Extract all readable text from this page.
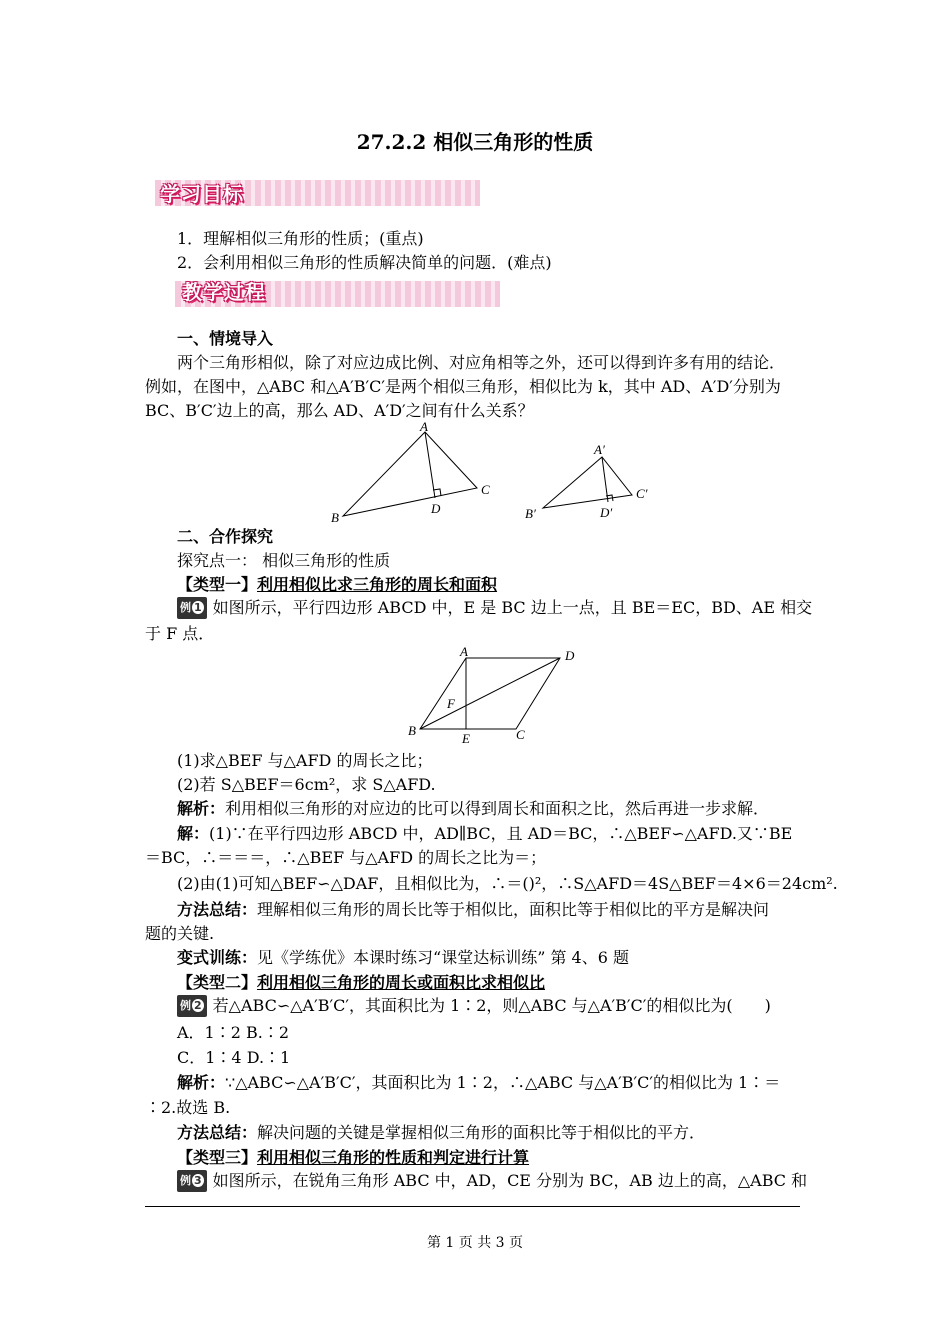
27.2.2 相似三角形的性质
学习目标
1．理解相似三角形的性质；(重点)
2．会利用相似三角形的性质解决简单的问题．(难点)
教学过程
一、情境导入
两个三角形相似，除了对应边成比例、对应角相等之外，还可以得到许多有用的结论．
例如，在图中，△ABC 和△A′B′C′是两个相似三角形，相似比为 k，其中 AD、A′D′分别为
BC、B′C′边上的高，那么 AD、A′D′之间有什么关系？
A
B
C
D
A′
B′
C′
D′
二、合作探究
探究点一： 相似三角形的性质
【类型一】利用相似比求三角形的周长和面积
例 1 如图所示，平行四边形 ABCD 中，E 是 BC 边上一点，且 BE＝EC，BD、AE 相交
于 F 点．
A	D
B	C
E
F
(1)求△BEF 与△AFD 的周长之比；
(2)若 S△BEF＝6cm²，求 S△AFD.
解析：利用相似三角形的对应边的比可以得到周长和面积之比，然后再进一步求解．
解：(1)∵在平行四边形 ABCD 中，AD∥BC，且 AD＝BC，∴△BEF∽△AFD.又∵BE
＝BC，∴＝＝＝，∴△BEF 与△AFD 的周长之比为＝；
(2)由(1)可知△BEF∽△DAF，且相似比为，∴＝()²，∴S△AFD＝4S△BEF＝4×6＝24cm².
方法总结：理解相似三角形的周长比等于相似比，面积比等于相似比的平方是解决问
题的关键.
变式训练：见《学练优》本课时练习“课堂达标训练” 第 4、6 题
【类型二】利用相似三角形的周长或面积比求相似比
例 2 若△ABC∽△A′B′C′，其面积比为 1∶2，则△ABC 与△A′B′C′的相似比为(　　)
A．1∶2 B.∶2
C．1∶4 D.∶1
解析：∵△ABC∽△A′B′C′，其面积比为 1∶2，∴△ABC 与△A′B′C′的相似比为 1∶＝
∶2.故选 B.
方法总结：解决问题的关键是掌握相似三角形的面积比等于相似比的平方．
【类型三】利用相似三角形的性质和判定进行计算
例 3 如图所示，在锐角三角形 ABC 中，AD，CE 分别为 BC，AB 边上的高，△ABC 和
第 1 页 共 3 页
